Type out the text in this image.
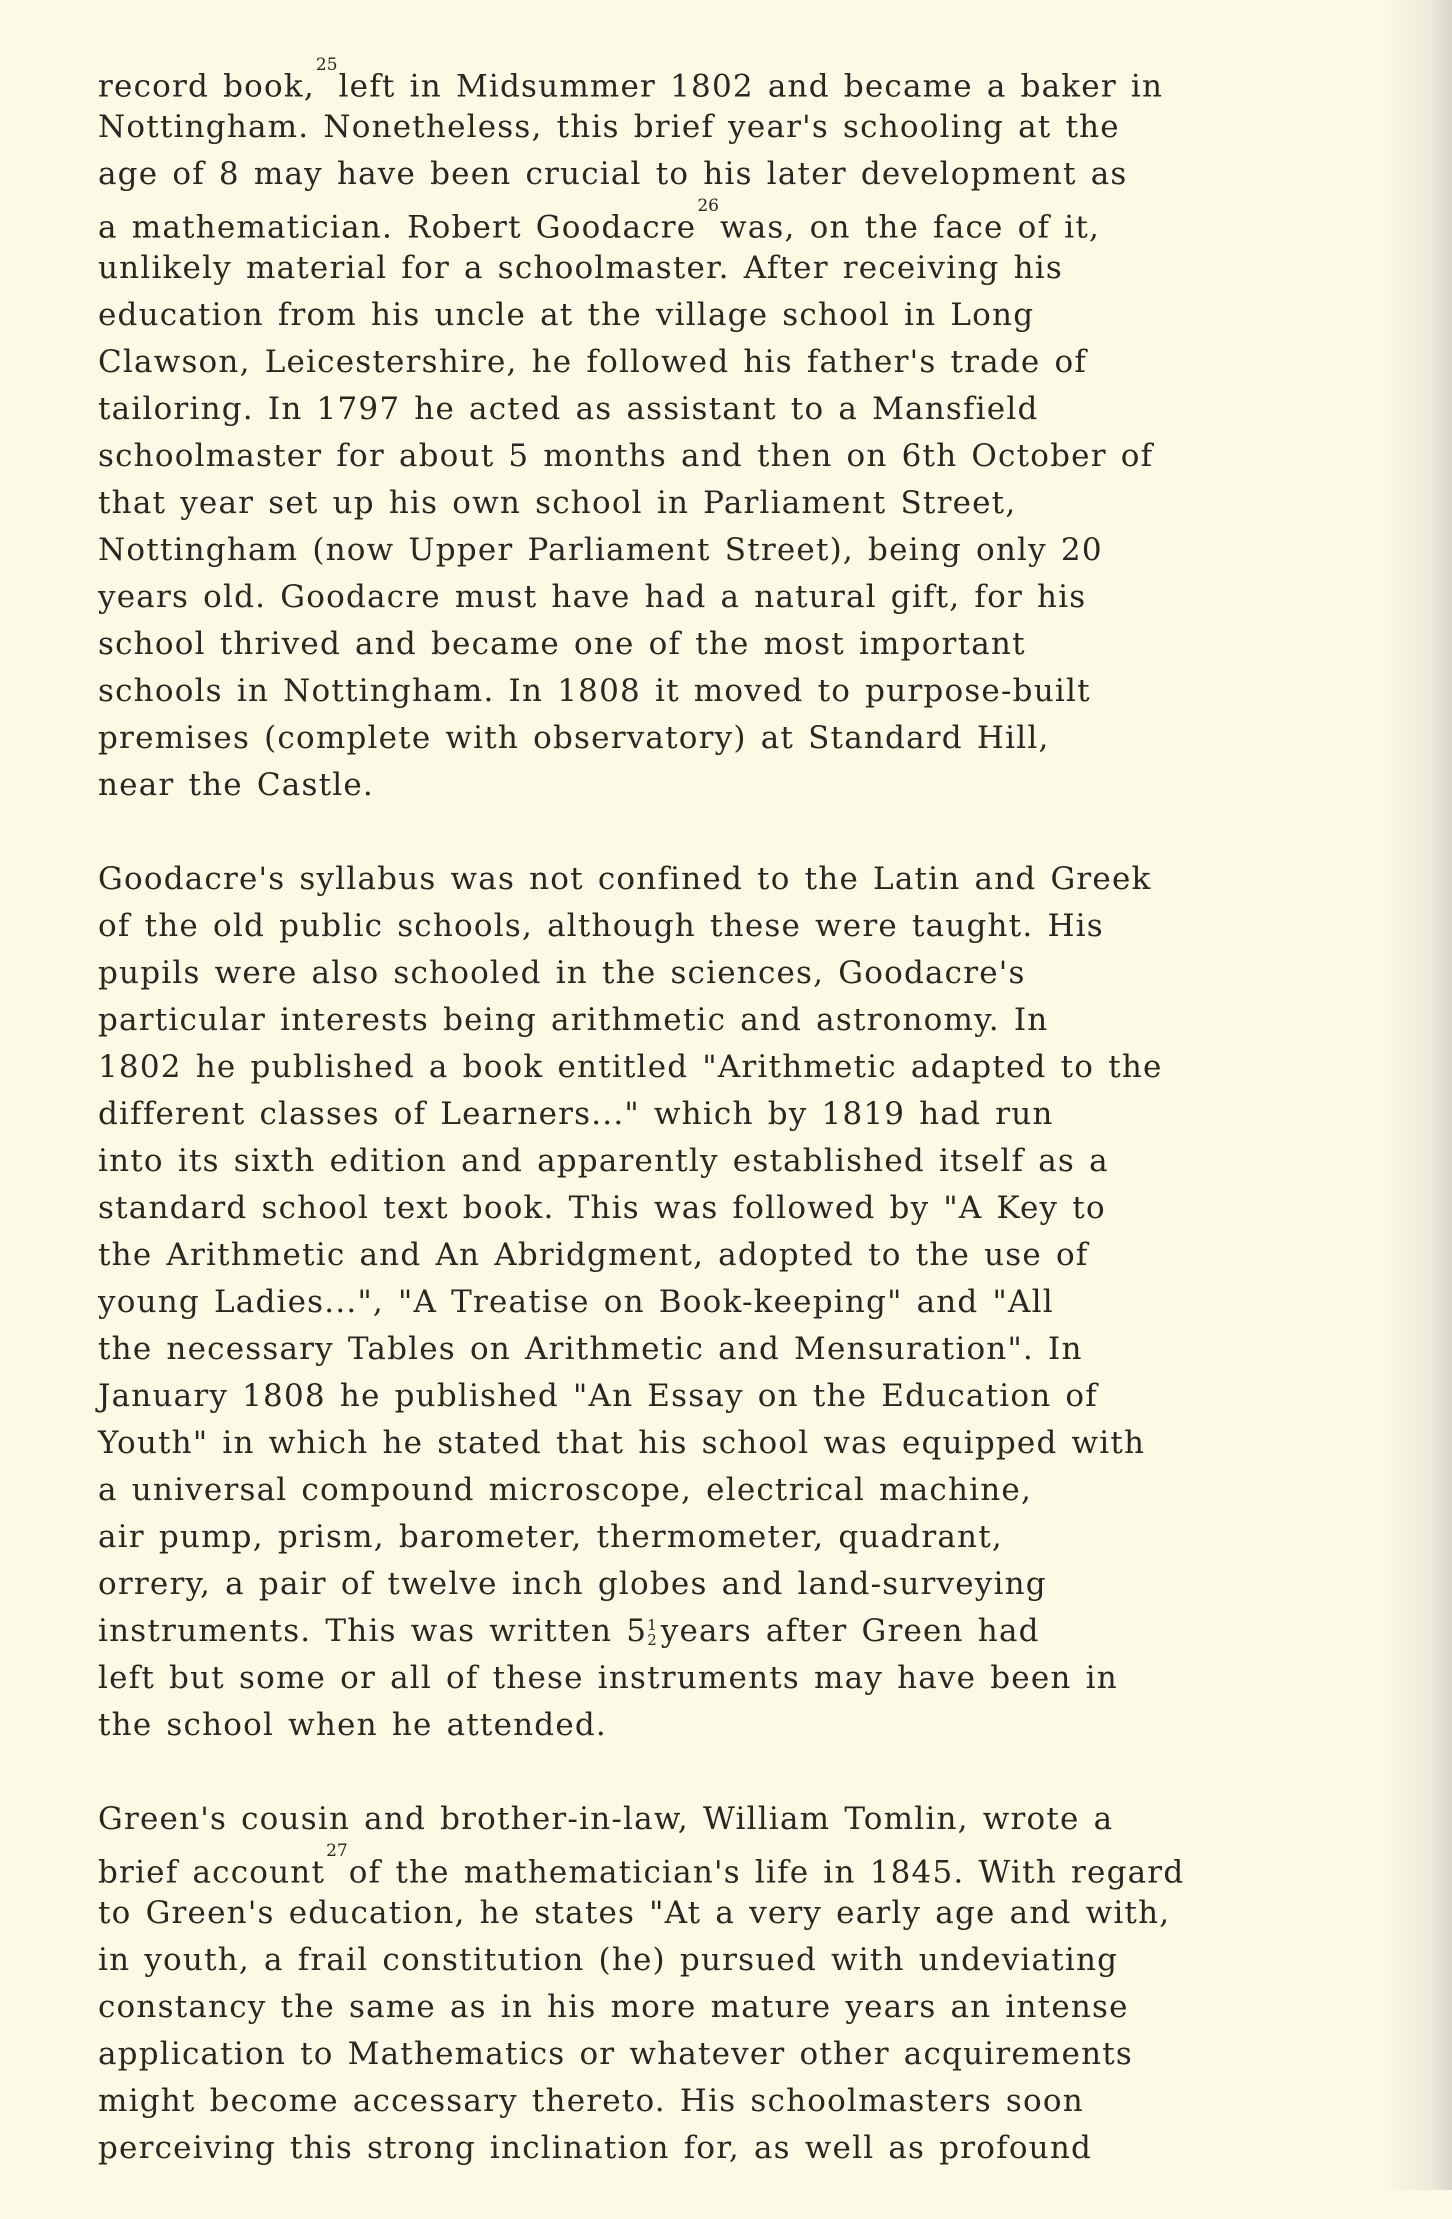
record book,$^{25}$left in Midsummer 1802 and became a baker in
Nottingham. Nonetheless, this brief year's schooling at the
age of 8 may have been crucial to his later development as
a mathematician. Robert Goodacre$^{26}$was, on the face of it,
unlikely material for a schoolmaster. After receiving his
education from his uncle at the village school in Long
Clawson, Leicestershire, he followed his father's trade of
tailoring. In 1797 he acted as assistant to a Mansfield
schoolmaster for about 5 months and then on 6th October of
that year set up his own school in Parliament Street,
Nottingham (now Upper Parliament Street), being only 20
years old. Goodacre must have had a natural gift, for his
school thrived and became one of the most important
schools in Nottingham. In 1808 it moved to purpose-built
premises (complete with observatory) at Standard Hill,
near the Castle.
Goodacre's syllabus was not confined to the Latin and Greek
of the old public schools, although these were taught. His
pupils were also schooled in the sciences, Goodacre's
particular interests being arithmetic and astronomy. In
1802 he published a book entitled "Arithmetic adapted to the
different classes of Learners..." which by 1819 had run
into its sixth edition and apparently established itself as a
standard school text book. This was followed by "A Key to
the Arithmetic and An Abridgment, adopted to the use of
young Ladies...", "A Treatise on Book-keeping" and "All
the necessary Tables on Arithmetic and Mensuration". In
January 1808 he published "An Essay on the Education of
Youth" in which he stated that his school was equipped with
a universal compound microscope, electrical machine,
air pump, prism, barometer, thermometer, quadrant,
orrery, a pair of twelve inch globes and land-surveying
instruments. This was written 5 1
2 years after Green had
left but some or all of these instruments may have been in
the school when he attended.
Green's cousin and brother-in-law, William Tomlin, wrote a
brief account$^{27}$of the mathematician's life in 1845. With regard
to Green's education, he states "At a very early age and with,
in youth, a frail constitution (he) pursued with undeviating
constancy the same as in his more mature years an intense
application to Mathematics or whatever other acquirements
might become accessary thereto. His schoolmasters soon
perceiving this strong inclination for, as well as profound
